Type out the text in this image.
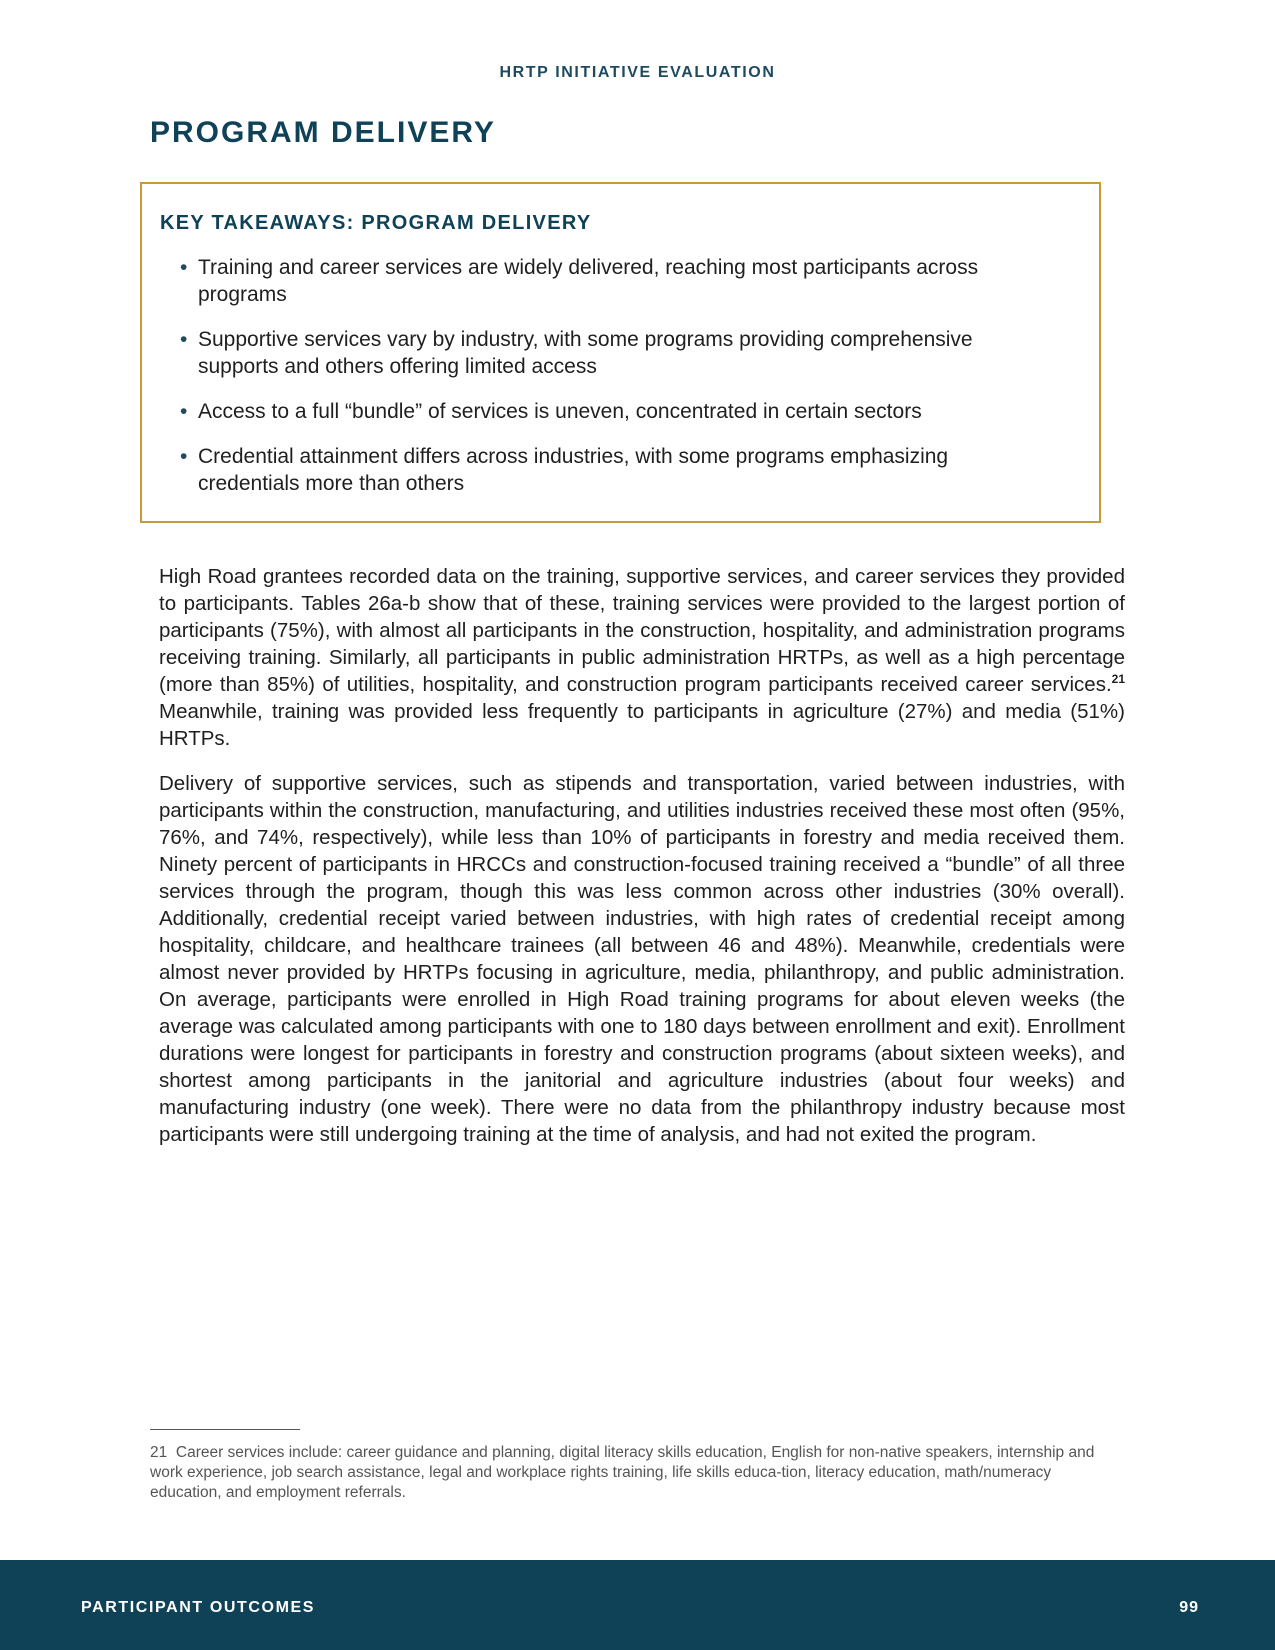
HRTP INITIATIVE EVALUATION
PROGRAM DELIVERY
KEY TAKEAWAYS: PROGRAM DELIVERY
• Training and career services are widely delivered, reaching most participants across programs
• Supportive services vary by industry, with some programs providing comprehensive supports and others offering limited access
• Access to a full “bundle” of services is uneven, concentrated in certain sectors
• Credential attainment differs across industries, with some programs emphasizing credentials more than others

High Road grantees recorded data on the training, supportive services, and career services they provided to participants. Tables 26a-b show that of these, training services were provided to the largest portion of participants (75%), with almost all participants in the construction, hospitality, and administration programs receiving training. Similarly, all participants in public administration HRTPs, as well as a high percentage (more than 85%) of utilities, hospitality, and construction program participants received career services.$^{21}$ Meanwhile, training was provided less frequently to participants in agriculture (27%) and media (51%) HRTPs.

Delivery of supportive services, such as stipends and transportation, varied between industries, with participants within the construction, manufacturing, and utilities industries received these most often (95%, 76%, and 74%, respectively), while less than 10% of participants in forestry and media received them. Ninety percent of participants in HRCCs and construction-focused training received a “bundle” of all three services through the program, though this was less common across other industries (30% overall). Additionally, credential receipt varied between industries, with high rates of credential receipt among hospitality, childcare, and healthcare trainees (all between 46 and 48%). Meanwhile, credentials were almost never provided by HRTPs focusing in agriculture, media, philanthropy, and public administration. On average, participants were enrolled in High Road training programs for about eleven weeks (the average was calculated among participants with one to 180 days between enrollment and exit). Enrollment durations were longest for participants in forestry and construction programs (about sixteen weeks), and shortest among participants in the janitorial and agriculture industries (about four weeks) and manufacturing industry (one week). There were no data from the philanthropy industry because most participants were still undergoing training at the time of analysis, and had not exited the program.

21 Career services include: career guidance and planning, digital literacy skills education, English for non-native speakers, internship and work experience, job search assistance, legal and workplace rights training, life skills educa-tion, literacy education, math/numeracy education, and employment referrals.

PARTICIPANT OUTCOMES	99
